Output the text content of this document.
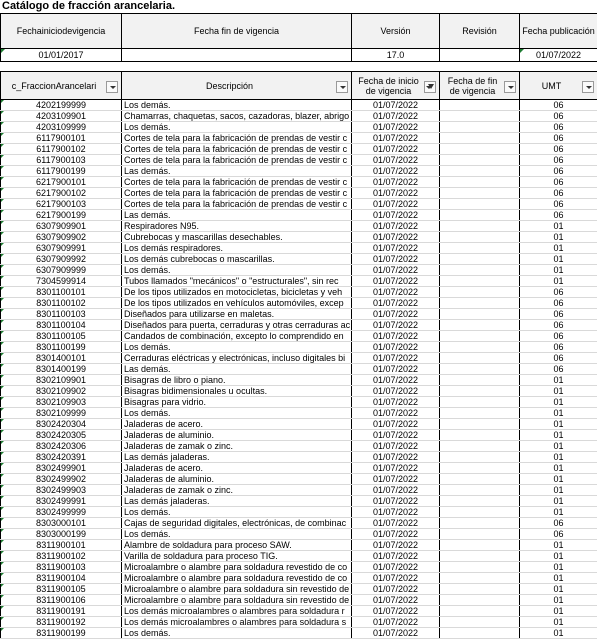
Catálogo de fracción arancelaria.
Fechainiciodevigencia	Fecha fin de vigencia	Versión	Revisión	Fecha publicación

01/01/2017		17.0		01/07/2022
c_FraccionArancelari	Descripción	Fecha de inicio de vigencia	Fecha de fin de vigencia	UMT

4202199999	Los demás.	01/07/2022		06

4203109901	Chamarras, chaquetas, sacos, cazadoras, blazer, abrigo	01/07/2022		06

4203109999	Los demás.	01/07/2022		06

6117900101	Cortes de tela para la fabricación de prendas de vestir c	01/07/2022		06

6117900102	Cortes de tela para la fabricación de prendas de vestir c	01/07/2022		06

6117900103	Cortes de tela para la fabricación de prendas de vestir c	01/07/2022		06

6117900199	Las demás.	01/07/2022		06

6217900101	Cortes de tela para la fabricación de prendas de vestir c	01/07/2022		06

6217900102	Cortes de tela para la fabricación de prendas de vestir c	01/07/2022		06

6217900103	Cortes de tela para la fabricación de prendas de vestir c	01/07/2022		06

6217900199	Las demás.	01/07/2022		06

6307909901	Respiradores N95.	01/07/2022		01

6307909902	Cubrebocas y mascarillas desechables.	01/07/2022		01

6307909991	Los demás respiradores.	01/07/2022		01

6307909992	Los demás cubrebocas o mascarillas.	01/07/2022		01

6307909999	Los demás.	01/07/2022		01

7304599914	Tubos llamados "mecánicos" o "estructurales", sin rec	01/07/2022		01

8301100101	De los tipos utilizados en motocicletas, bicicletas y veh	01/07/2022		06

8301100102	De los tipos utilizados en vehículos automóviles, excep	01/07/2022		06

8301100103	Diseñados para utilizarse en maletas.	01/07/2022		06

8301100104	Diseñados para puerta, cerraduras y otras cerraduras ac	01/07/2022		06

8301100105	Candados de combinación, excepto lo comprendido en	01/07/2022		06

8301100199	Los demás.	01/07/2022		06

8301400101	Cerraduras eléctricas y electrónicas, incluso digitales bi	01/07/2022		06

8301400199	Las demás.	01/07/2022		06

8302109901	Bisagras de libro o piano.	01/07/2022		01

8302109902	Bisagras bidimensionales u ocultas.	01/07/2022		01

8302109903	Bisagras para vidrio.	01/07/2022		01

8302109999	Los demás.	01/07/2022		01

8302420304	Jaladeras de acero.	01/07/2022		01

8302420305	Jaladeras de aluminio.	01/07/2022		01

8302420306	Jaladeras de zamak o zinc.	01/07/2022		01

8302420391	Las demás jaladeras.	01/07/2022		01

8302499901	Jaladeras de acero.	01/07/2022		01

8302499902	Jaladeras de aluminio.	01/07/2022		01

8302499903	Jaladeras de zamak o zinc.	01/07/2022		01

8302499991	Las demás jaladeras.	01/07/2022		01

8302499999	Los demás.	01/07/2022		01

8303000101	Cajas de seguridad digitales, electrónicas, de combinac	01/07/2022		06

8303000199	Los demás.	01/07/2022		06

8311900101	Alambre de soldadura para proceso SAW.	01/07/2022		01

8311900102	Varilla de soldadura para proceso TIG.	01/07/2022		01

8311900103	Microalambre o alambre para soldadura revestido de co	01/07/2022		01

8311900104	Microalambre o alambre para soldadura revestido de co	01/07/2022		01

8311900105	Microalambre o alambre para soldadura sin revestido de	01/07/2022		01

8311900106	Microalambre o alambre para soldadura sin revestido de	01/07/2022		01

8311900191	Los demás microalambres o alambres para soldadura r	01/07/2022		01

8311900192	Los demás microalambres o alambres para soldadura s	01/07/2022		01

8311900199	Los demás.	01/07/2022		01
